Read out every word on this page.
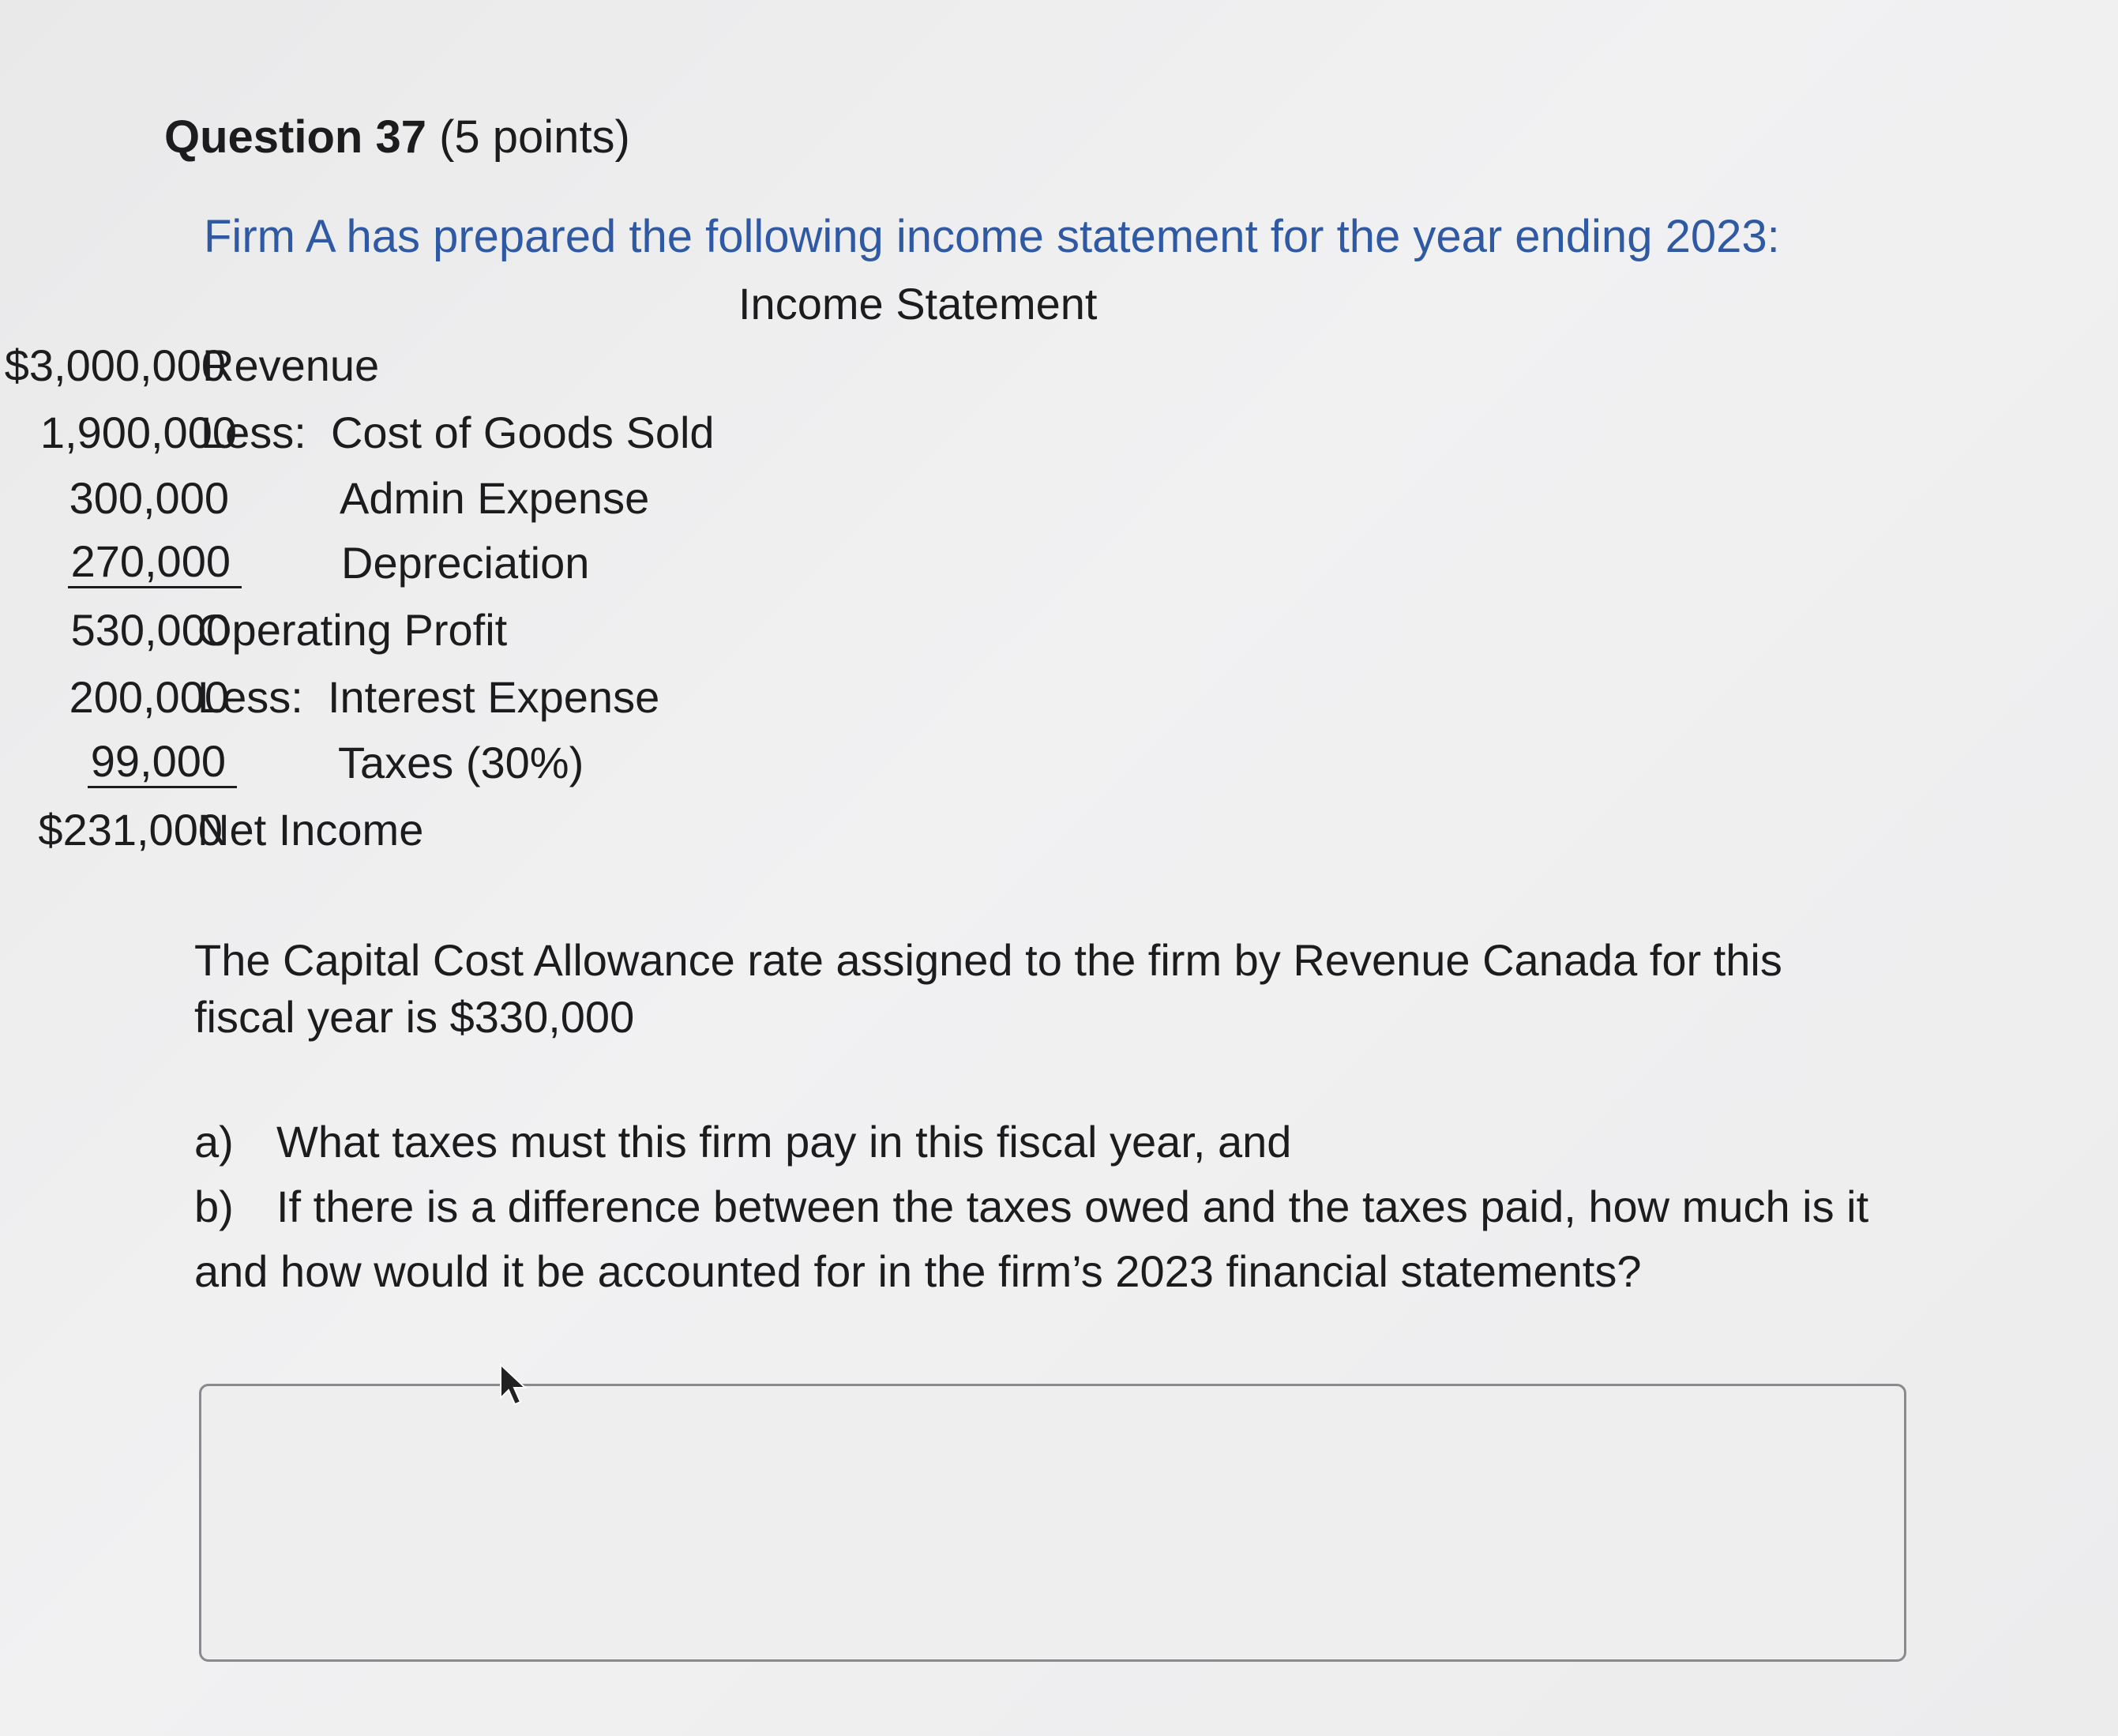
Question 37 (5 points)
Firm A has prepared the following income statement for the year ending 2023:
Income Statement
Revenue
$3,000,000
Less:  Cost of Goods Sold
1,900,000
Admin Expense
300,000
Depreciation
270,000
Operating Profit
530,000
Less:  Interest Expense
200,000
Taxes (30%)
99,000
Net Income
$231,000
The Capital Cost Allowance rate assigned to the firm by Revenue Canada for this fiscal year is $330,000
a) What taxes must this firm pay in this fiscal year, and
b) If there is a difference between the taxes owed and the taxes paid, how much is it and how would it be accounted for in the firm’s 2023 financial statements?
